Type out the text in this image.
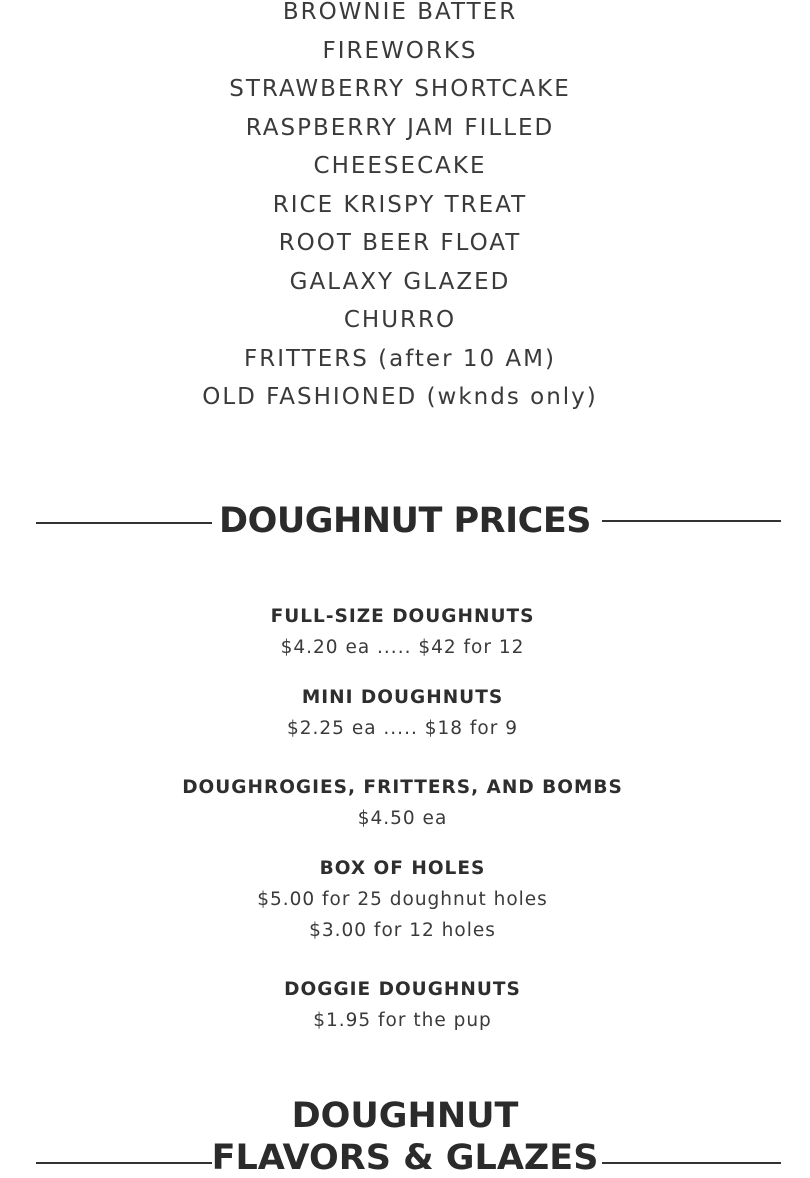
BROWNIE BATTER
FIREWORKS
STRAWBERRY SHORTCAKE
RASPBERRY JAM FILLED
CHEESECAKE
RICE KRISPY TREAT
ROOT BEER FLOAT
GALAXY GLAZED
CHURRO
FRITTERS (after 10 AM)
OLD FASHIONED (wknds only)
DOUGHNUT PRICES
FULL-SIZE DOUGHNUTS
$4.20 ea ..... $42 for 12
MINI DOUGHNUTS
$2.25 ea ..... $18 for 9
DOUGHROGIES, FRITTERS, AND BOMBS
$4.50 ea
BOX OF HOLES
$5.00 for 25 doughnut holes
$3.00 for 12 holes
DOGGIE DOUGHNUTS
$1.95 for the pup
DOUGHNUT
FLAVORS & GLAZES
